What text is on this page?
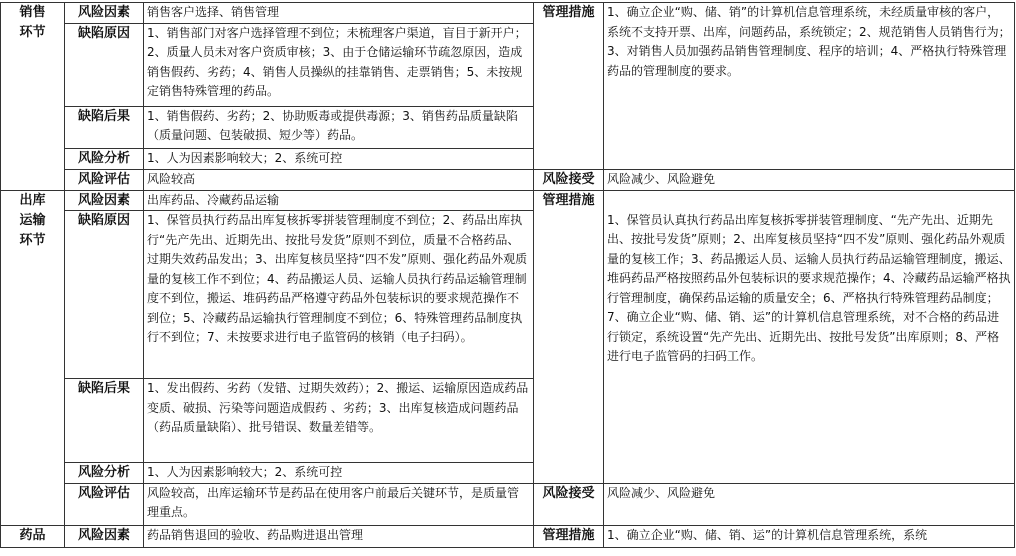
销售环节	风险因素	销售客户选择、销售管理	管理措施	1、确立企业“购、储、销”的计算机信息管理系统，未经质量审核的客户，系统不支持开票、出库，问题药品，系统锁定；2、规范销售人员销售行为；3、对销售人员加强药品销售管理制度、程序的培训；4、严格执行特殊管理药品的管理制度的要求。
	缺陷原因	1、销售部门对客户选择管理不到位；未梳理客户渠道，盲目于新开户；2、质量人员未对客户资质审核；3、由于仓储运输环节疏忽原因，造成销售假药、劣药；4、销售人员操纵的挂靠销售、走票销售；5、未按规定销售特殊管理的药品。		
	缺陷后果	1、销售假药、劣药；2、协助贩毒或提供毒源；3、销售药品质量缺陷（质量问题、包装破损、短少等）药品。		
	风险分析	1、人为因素影响较大；2、系统可控		
	风险评估	风险较高	风险接受	风险减少、风险避免
出库运输环节	风险因素	出库药品、冷藏药品运输	管理措施	1、保管员认真执行药品出库复核拆零拼装管理制度、“先产先出、近期先出、按批号发货”原则；2、出库复核员坚持“四不发”原则、强化药品外观质量的复核工作；3、药品搬运人员、运输人员执行药品运输管理制度，搬运、堆码药品严格按照药品外包装标识的要求规范操作；4、冷藏药品运输严格执行管理制度，确保药品运输的质量安全；6、严格执行特殊管理药品制度；7、确立企业“购、储、销、运”的计算机信息管理系统，对不合格的药品进行锁定，系统设置“先产先出、近期先出、按批号发货”出库原则；8、严格进行电子监管码的扫码工作。
	缺陷原因	1、保管员执行药品出库复核拆零拼装管理制度不到位；2、药品出库执行“先产先出、近期先出、按批号发货”原则不到位，质量不合格药品、过期失效药品发出；3、出库复核员坚持“四不发”原则、强化药品外观质量的复核工作不到位；4、药品搬运人员、运输人员执行药品运输管理制度不到位，搬运、堆码药品严格遵守药品外包装标识的要求规范操作不到位；5、冷藏药品运输执行管理制度不到位；6、特殊管理药品制度执行不到位；7、未按要求进行电子监管码的核销（电子扫码）。		
	缺陷后果	1、发出假药、劣药（发错、过期失效药）；2、搬运、运输原因造成药品变质、破损、污染等问题造成假药 、劣药；3、出库复核造成问题药品（药品质量缺陷）、批号错误、数量差错等。		
	风险分析	1、人为因素影响较大；2、系统可控		
	风险评估	风险较高，出库运输环节是药品在使用客户前最后关键环节，是质量管理重点。	风险接受	风险减少、风险避免
药品	风险因素	药品销售退回的验收、药品购进退出管理	管理措施	1、确立企业“购、储、销、运”的计算机信息管理系统，系统
